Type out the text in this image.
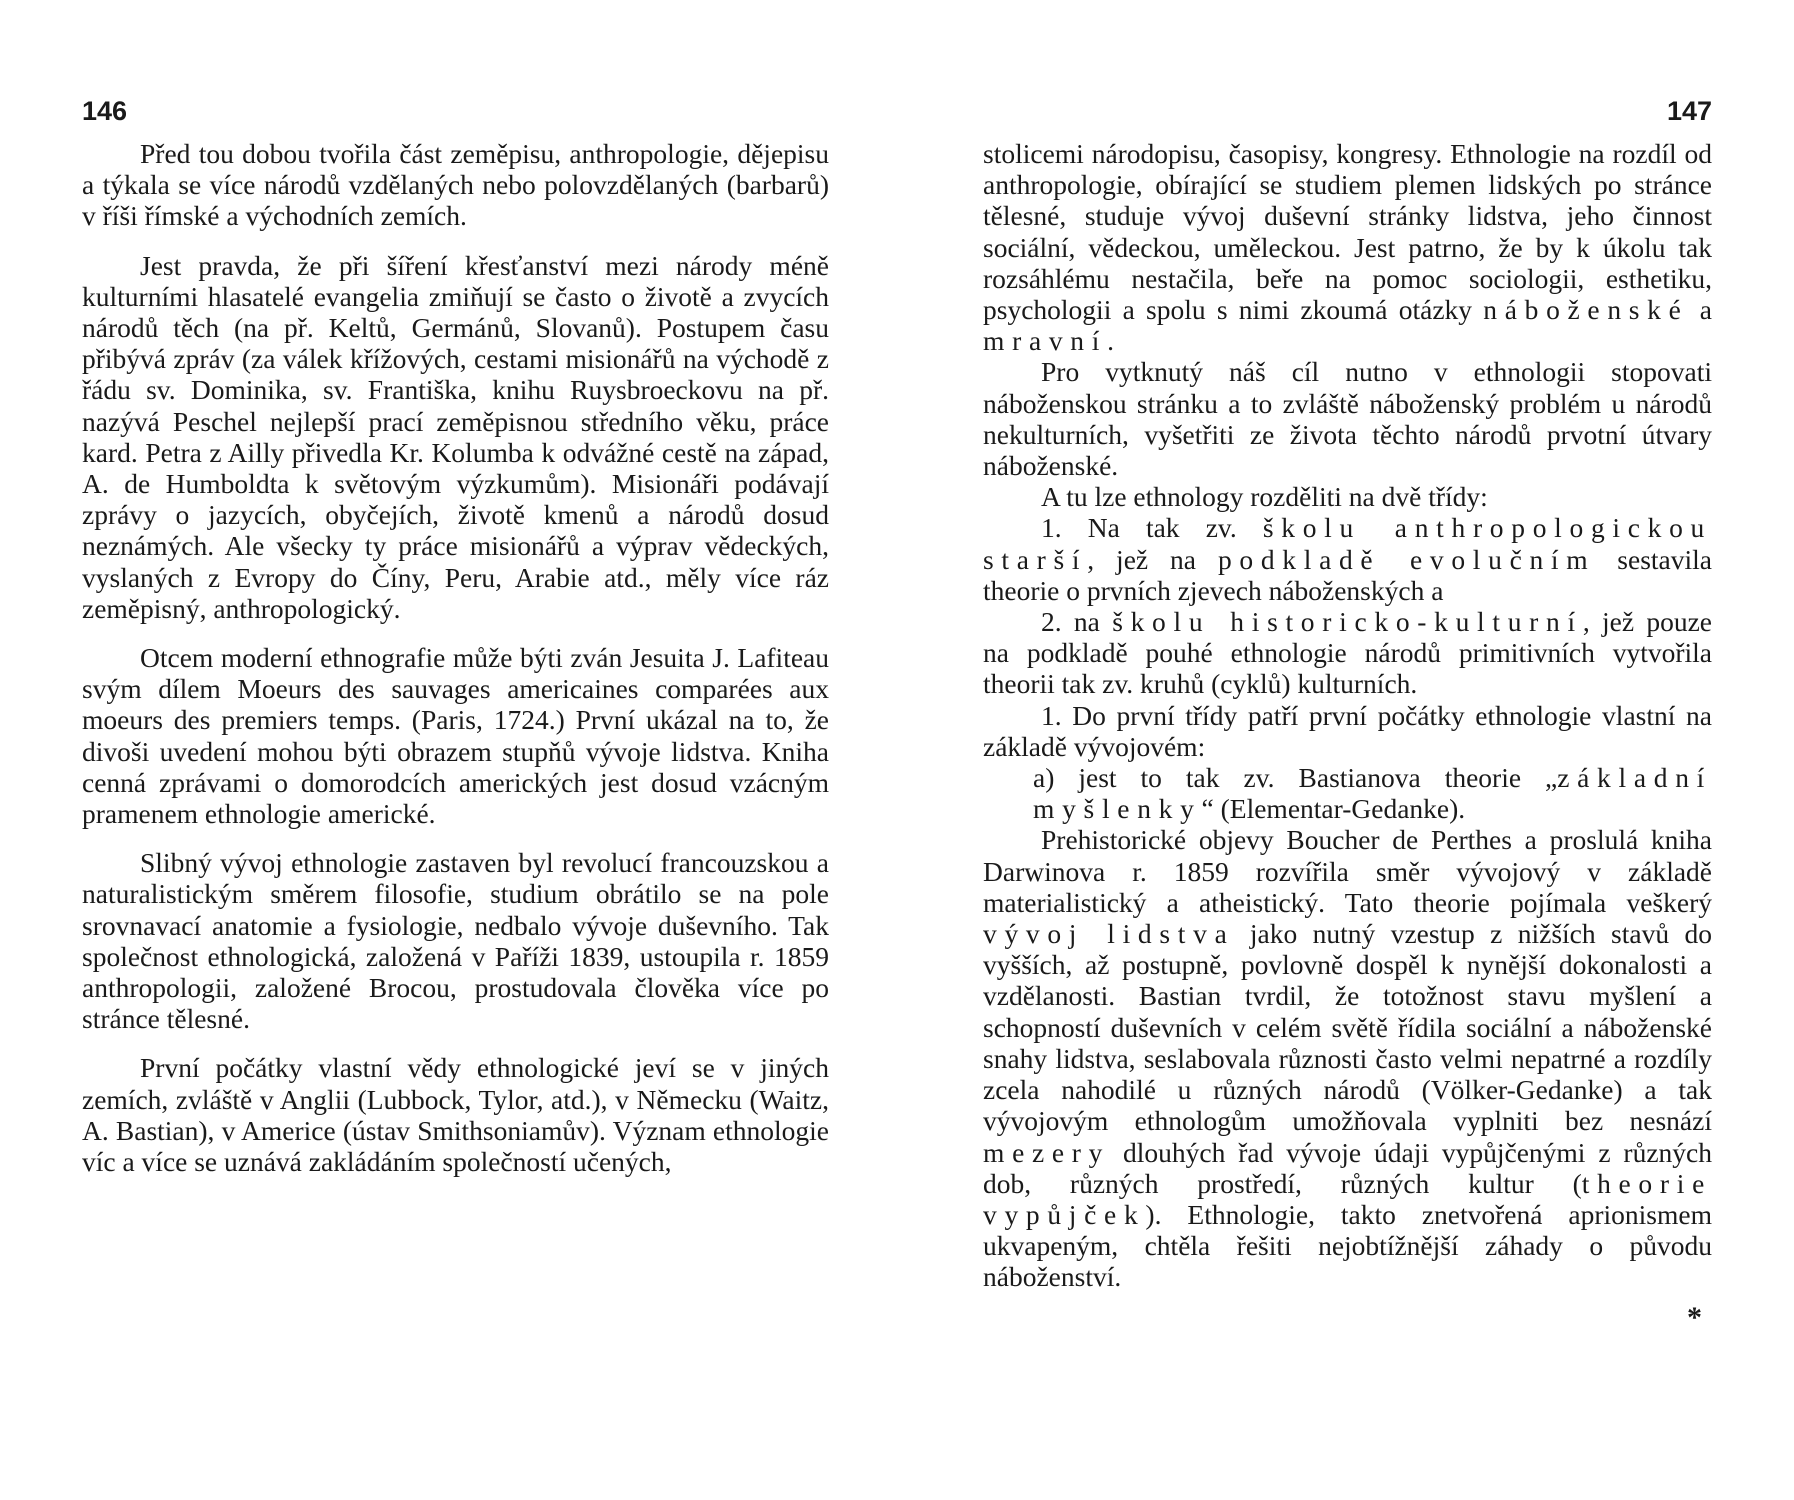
146

Před tou dobou tvořila část zeměpisu, anthropologie, dějepisu a týkala se více národů vzdělaných nebo polovzdělaných (barbarů) v říši římské a východních zemích.

Jest pravda, že při šíření křesťanství mezi národy méně kulturními hlasatelé evangelia zmiňují se často o životě a zvycích národů těch (na př. Keltů, Germánů, Slovanů). Postupem času přibývá zpráv (za válek křížových, cestami misionářů na východě z řádu sv. Dominika, sv. Františka, knihu Ruysbroeckovu na př. nazývá Peschel nejlepší prací zeměpisnou středního věku, práce kard. Petra z Ailly přivedla Kr. Kolumba k odvážné cestě na západ, A. de Humboldta k světovým výzkumům). Misionáři podávají zprávy o jazycích, obyčejích, životě kmenů a národů dosud neznámých. Ale všecky ty práce misionářů a výprav vědeckých, vyslaných z Evropy do Číny, Peru, Arabie atd., měly více ráz zeměpisný, anthropologický.

Otcem moderní ethnografie může býti zván Jesuita J. Lafiteau svým dílem Moeurs des sauvages americaines comparées aux moeurs des premiers temps. (Paris, 1724.) První ukázal na to, že divoši uvedení mohou býti obrazem stupňů vývoje lidstva. Kniha cenná zprávami o domorodcích amerických jest dosud vzácným pramenem ethnologie americké.

Slibný vývoj ethnologie zastaven byl revolucí francouzskou a naturalistickým směrem filosofie, studium obrátilo se na pole srovnavací anatomie a fysiologie, nedbalo vývoje duševního. Tak společnost ethnologická, založená v Paříži 1839, ustoupila r. 1859 anthropologii, založené Brocou, prostudovala člověka více po stránce tělesné.

První počátky vlastní vědy ethnologické jeví se v jiných zemích, zvláště v Anglii (Lubbock, Tylor, atd.), v Německu (Waitz, A. Bastian), v Americe (ústav Smithsoniamův). Význam ethnologie víc a více se uznává zakládáním společností učených,

147

stolicemi národopisu, časopisy, kongresy. Ethnologie na rozdíl od anthropologie, obírající se studiem plemen lidských po stránce tělesné, studuje vývoj duševní stránky lidstva, jeho činnost sociální, vědeckou, uměleckou. Jest patrno, že by k úkolu tak rozsáhlému nestačila, beře na pomoc sociologii, esthetiku, psychologii a spolu s nimi zkoumá otázky náboženské a mravní.

Pro vytknutý náš cíl nutno v ethnologii stopovati náboženskou stránku a to zvláště náboženský problém u národů nekulturních, vyšetřiti ze života těchto národů prvotní útvary náboženské.

A tu lze ethnology rozděliti na dvě třídy:

1. Na tak zv. školu anthropologickou starší, jež na podkladě evolučním sestavila theorie o prvních zjevech náboženských a

2. na školu historicko-kulturní, jež pouze na podkladě pouhé ethnologie národů primitivních vytvořila theorii tak zv. kruhů (cyklů) kulturních.

1. Do první třídy patří první počátky ethnologie vlastní na základě vývojovém:

a) jest to tak zv. Bastianova theorie „základní myšlenky“ (Elementar-Gedanke).

Prehistorické objevy Boucher de Perthes a proslulá kniha Darwinova r. 1859 rozvířila směr vývojový v základě materialistický a atheistický. Tato theorie pojímala veškerý vývoj lidstva jako nutný vzestup z nižších stavů do vyšších, až postupně, povlovně dospěl k nynější dokonalosti a vzdělanosti. Bastian tvrdil, že totožnost stavu myšlení a schopností duševních v celém světě řídila sociální a náboženské snahy lidstva, seslabovala různosti často velmi nepatrné a rozdíly zcela nahodilé u různých národů (Völker-Gedanke) a tak vývojovým ethnologům umožňovala vyplniti bez nesnází mezery dlouhých řad vývoje údaji vypůjčenými z různých dob, různých prostředí, různých kultur (theorie vypůjček). Ethnologie, takto znetvořená aprionismem ukvapeným, chtěla řešiti nejobtížnější záhady o původu náboženství.

*
